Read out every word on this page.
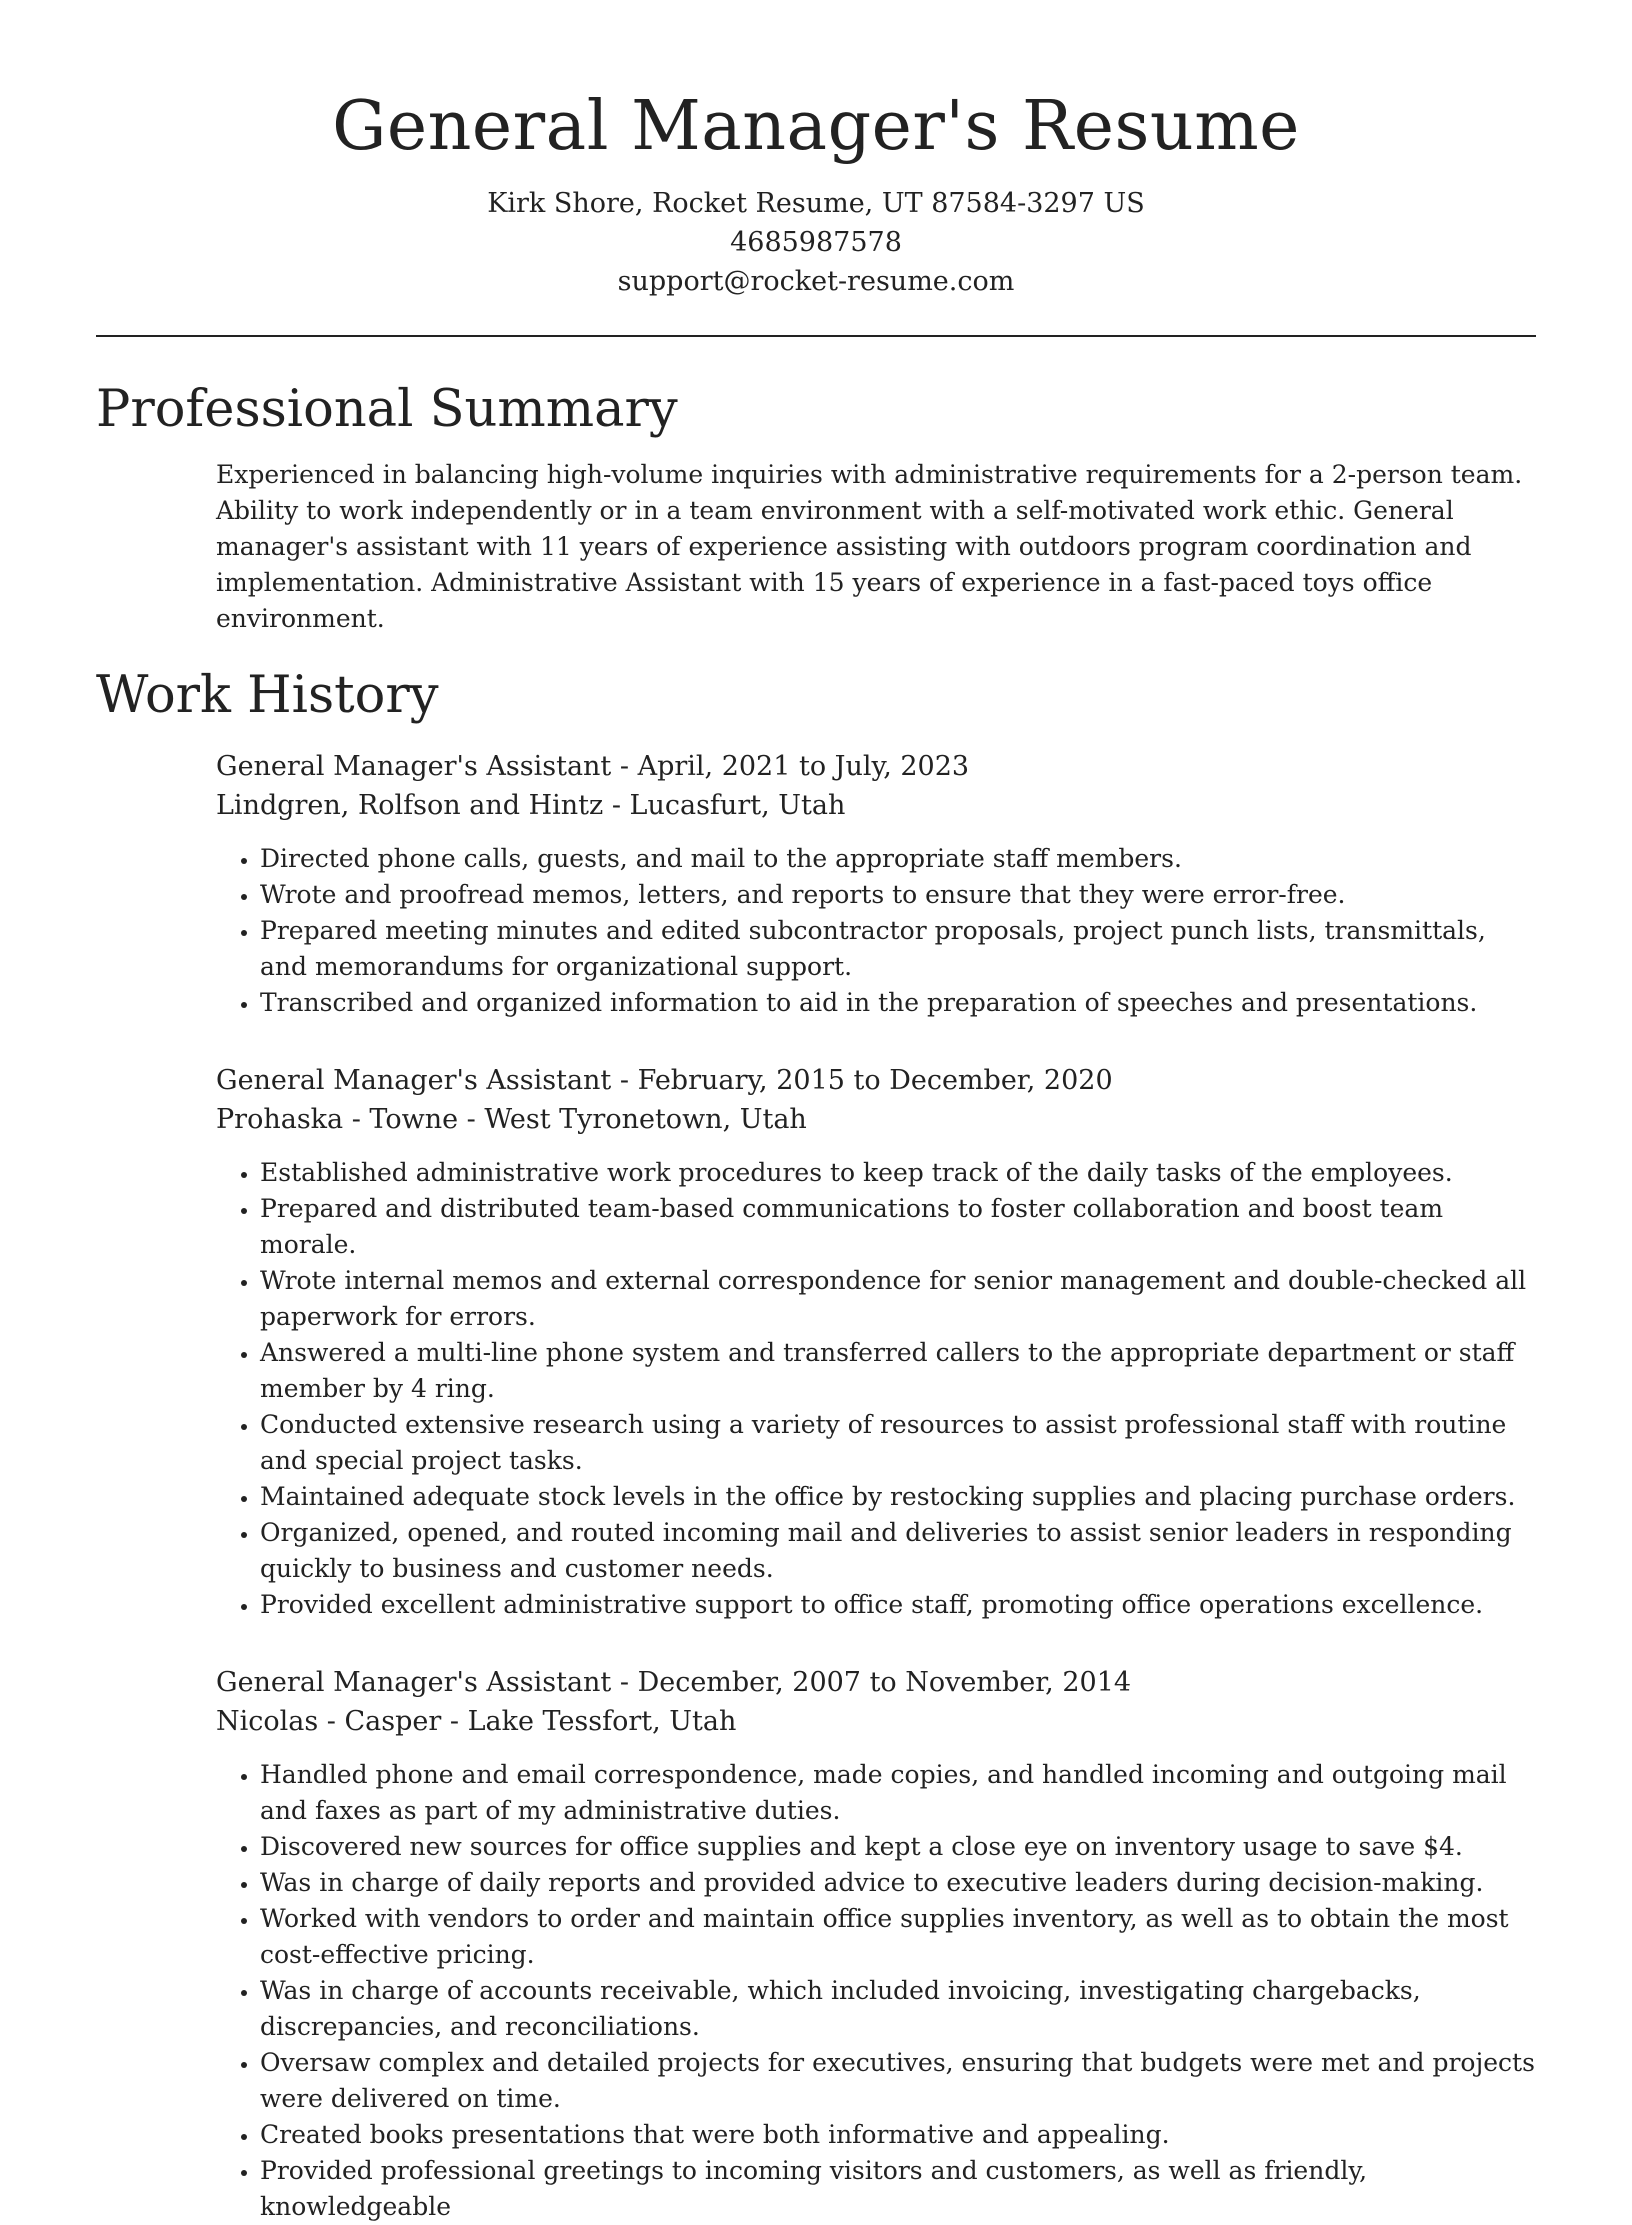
General Manager's Resume
Kirk Shore, Rocket Resume, UT 87584-3297 US
4685987578
support@rocket-resume.com
Professional Summary

Experienced in balancing high-volume inquiries with administrative requirements for a 2-person team. Ability to work independently or in a team environment with a self-motivated work ethic. General manager's assistant with 11 years of experience assisting with outdoors program coordination and implementation. Administrative Assistant with 15 years of experience in a fast-paced toys office environment.

Work History
General Manager's Assistant - April, 2021 to July, 2023
Lindgren, Rolfson and Hintz - Lucasfurt, Utah
• Directed phone calls, guests, and mail to the appropriate staff members.
• Wrote and proofread memos, letters, and reports to ensure that they were error-free.
• Prepared meeting minutes and edited subcontractor proposals, project punch lists, transmittals, and memorandums for organizational support.
• Transcribed and organized information to aid in the preparation of speeches and presentations.
General Manager's Assistant - February, 2015 to December, 2020
Prohaska - Towne - West Tyronetown, Utah
• Established administrative work procedures to keep track of the daily tasks of the employees.
• Prepared and distributed team-based communications to foster collaboration and boost team morale.
• Wrote internal memos and external correspondence for senior management and double-checked all paperwork for errors.
• Answered a multi-line phone system and transferred callers to the appropriate department or staff member by 4 ring.
• Conducted extensive research using a variety of resources to assist professional staff with routine and special project tasks.
• Maintained adequate stock levels in the office by restocking supplies and placing purchase orders.
• Organized, opened, and routed incoming mail and deliveries to assist senior leaders in responding quickly to business and customer needs.
• Provided excellent administrative support to office staff, promoting office operations excellence.
General Manager's Assistant - December, 2007 to November, 2014
Nicolas - Casper - Lake Tessfort, Utah
• Handled phone and email correspondence, made copies, and handled incoming and outgoing mail and faxes as part of my administrative duties.
• Discovered new sources for office supplies and kept a close eye on inventory usage to save $4.
• Was in charge of daily reports and provided advice to executive leaders during decision-making.
• Worked with vendors to order and maintain office supplies inventory, as well as to obtain the most cost-effective pricing.
• Was in charge of accounts receivable, which included invoicing, investigating chargebacks, discrepancies, and reconciliations.
• Oversaw complex and detailed projects for executives, ensuring that budgets were met and projects were delivered on time.
• Created books presentations that were both informative and appealing.
• Provided professional greetings to incoming visitors and customers, as well as friendly, knowledgeable
